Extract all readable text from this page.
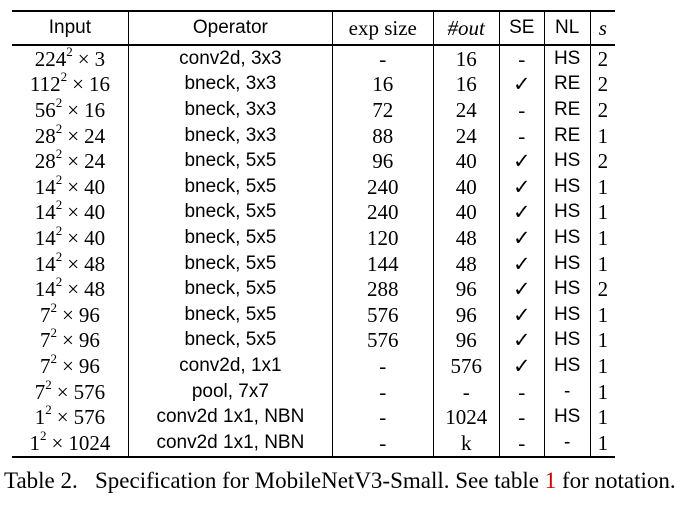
Input	Operator	exp size	#out	SE	NL	s
$224^2 \times 3$	conv2d, 3x3	-	16	-	HS	2
$112^2 \times 16$	bneck, 3x3	16	16	✓	RE	2
$56^2 \times 16$	bneck, 3x3	72	24	-	RE	2
$28^2 \times 24$	bneck, 3x3	88	24	-	RE	1
$28^2 \times 24$	bneck, 5x5	96	40	✓	HS	2
$14^2 \times 40$	bneck, 5x5	240	40	✓	HS	1
$14^2 \times 40$	bneck, 5x5	240	40	✓	HS	1
$14^2 \times 40$	bneck, 5x5	120	48	✓	HS	1
$14^2 \times 48$	bneck, 5x5	144	48	✓	HS	1
$14^2 \times 48$	bneck, 5x5	288	96	✓	HS	2
$7^2 \times 96$	bneck, 5x5	576	96	✓	HS	1
$7^2 \times 96$	bneck, 5x5	576	96	✓	HS	1
$7^2 \times 96$	conv2d, 1x1	-	576	✓	HS	1
$7^2 \times 576$	pool, 7x7	-	-	-	-	1
$1^2 \times 576$	conv2d 1x1, NBN	-	1024	-	HS	1
$1^2 \times 1024$	conv2d 1x1, NBN	-	k	-	-	1
Table 2. Specification for MobileNetV3-Small. See table 1 for notation.
